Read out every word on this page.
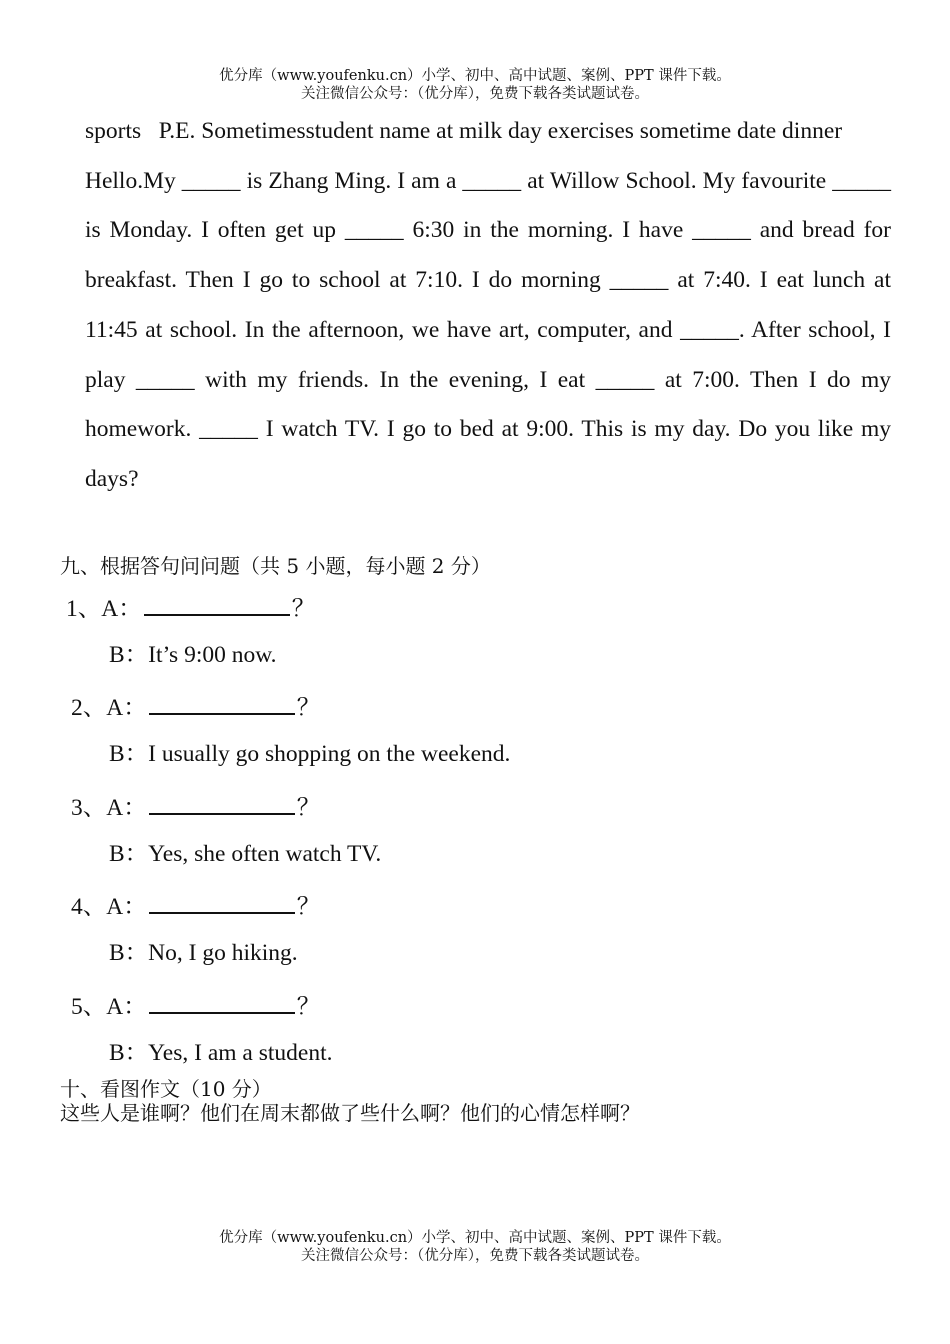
优分库（www.youfenku.cn）小学、初中、高中试题、案例、PPT 课件下载。
关注微信公众号：（优分库），免费下载各类试题试卷。

sports   P.E. Sometimesstudent name at milk day exercises sometime date dinner

Hello.My _____ is Zhang Ming. I am a _____ at Willow School. My favourite _____ is Monday. I often get up _____ 6:30 in the morning. I have _____ and bread for breakfast. Then I go to school at 7:10. I do morning _____ at 7:40. I eat lunch at 11:45 at school. In the afternoon, we have art, computer, and _____. After school, I play _____ with my friends. In the evening, I eat _____ at 7:00. Then I do my homework. _____ I watch TV. I go to bed at 9:00. This is my day. Do you like my days?

九、根据答句问问题（共 5 小题，每小题 2 分）
1、A：	？
B：It’s 9:00 now.
2、A：	？
B：I usually go shopping on the weekend.
3、A：	？
B：Yes, she often watch TV.
4、A：	？
B：No, I go hiking.
5、A：	？
B：Yes, I am a student.
十、看图作文（10 分）
这些人是谁啊？他们在周末都做了些什么啊？他们的心情怎样啊？
优分库（www.youfenku.cn）小学、初中、高中试题、案例、PPT 课件下载。
关注微信公众号：（优分库），免费下载各类试题试卷。
